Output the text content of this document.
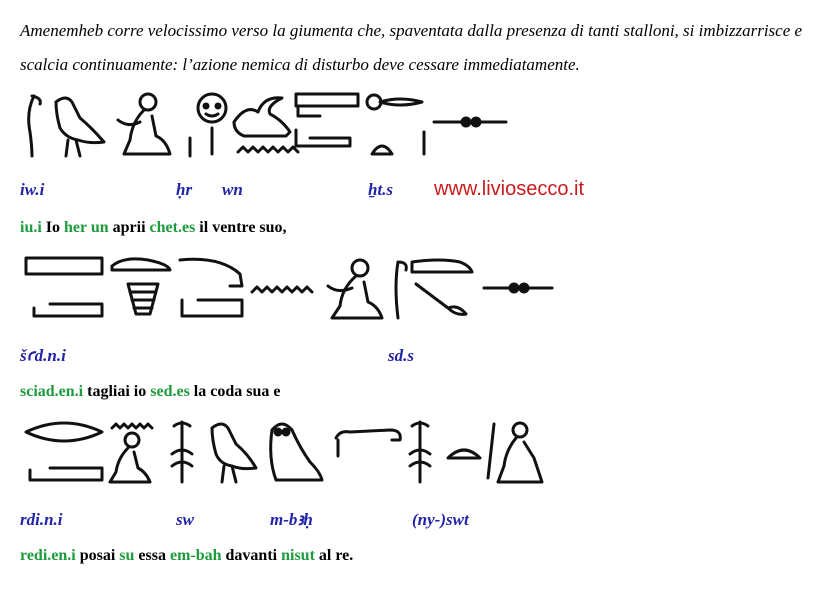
Amenemheb corre velocissimo verso la giumenta che, spaventata dalla presenza di tanti stalloni, si imbizzarrisce e scalcia continuamente: l’azione nemica di disturbo deve cessare immediatamente.

iw.i	ḥr wn	ẖt.s www.liviosecco.it
iu.i Io her un aprii chet.es il ventre suo,
šꜥd.n.i	sd.s
sciad.en.i tagliai io sed.es la coda sua e
rdi.n.i	sw	m-bꜣḥ	(ny-)swt
redi.en.i posai su essa em-bah davanti nisut al re.
